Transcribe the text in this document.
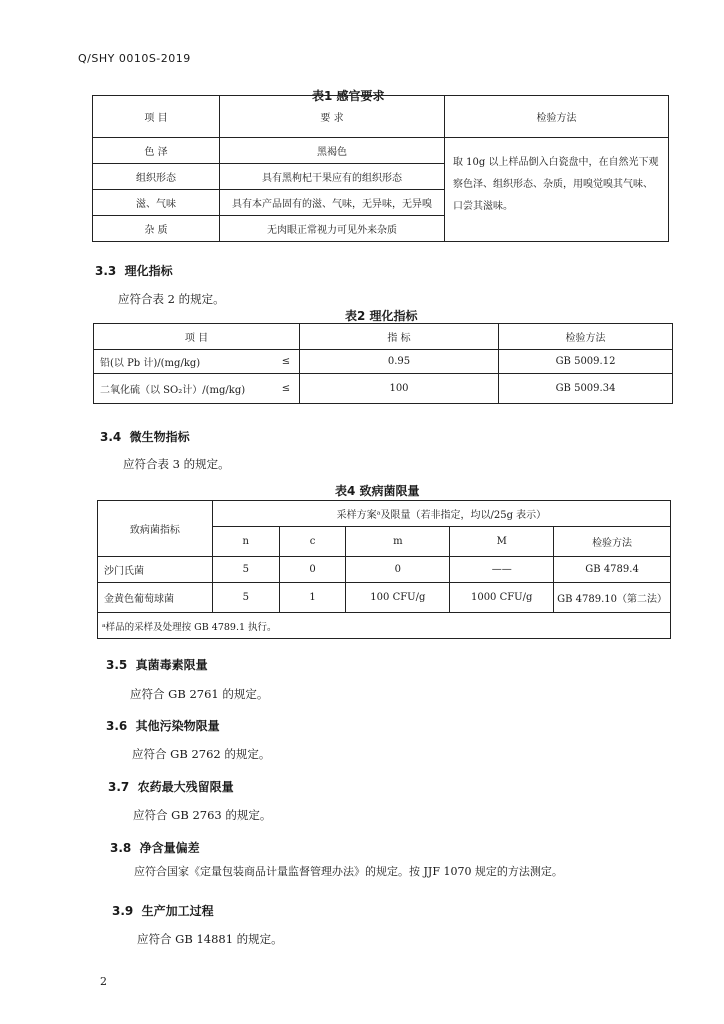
Q/SHY 0010S-2019
表1 感官要求
项 目	要 求	检验方法
色 泽	黑褐色	取 10g 以上样品倒入白瓷盘中，在自然光下观察色泽、组织形态、杂质，用嗅觉嗅其气味、口尝其滋味。
组织形态	具有黑枸杞干果应有的组织形态	
滋、气味	具有本产品固有的滋、气味，无异味，无异嗅	
杂 质	无肉眼正常视力可见外来杂质	
3.3 理化指标
应符合表 2 的规定。
表2 理化指标
项 目		指 标	检验方法
铅(以 Pb 计)/(mg/kg)	≤	0.95	GB 5009.12
二氧化硫（以 SO₂计）/(mg/kg)	≤	100	GB 5009.34
3.4 微生物指标
应符合表 3 的规定。
表4 致病菌限量
致病菌指标	采样方案ᵃ及限量（若非指定，均以/25g 表示）				
	n	c	m	M	检验方法
沙门氏菌	5	0	0	——	GB 4789.4
金黄色葡萄球菌	5	1	100 CFU/g	1000 CFU/g	GB 4789.10（第二法）
ᵃ样品的采样及处理按 GB 4789.1 执行。					
3.5 真菌毒素限量
应符合 GB 2761 的规定。
3.6 其他污染物限量
应符合 GB 2762 的规定。
3.7 农药最大残留限量
应符合 GB 2763 的规定。
3.8 净含量偏差
应符合国家《定量包装商品计量监督管理办法》的规定。按 JJF 1070 规定的方法测定。
3.9 生产加工过程
应符合 GB 14881 的规定。
2
